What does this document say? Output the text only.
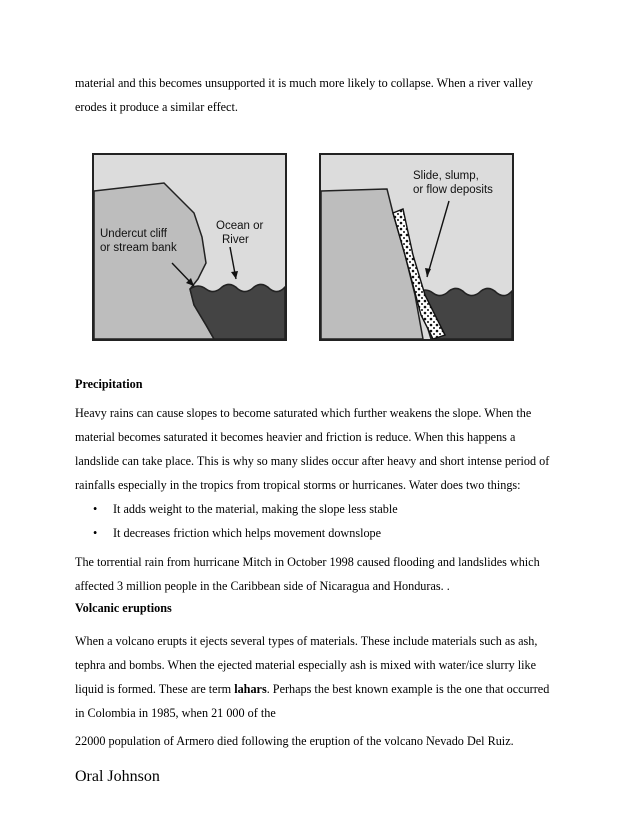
material and this becomes unsupported it is much more likely to collapse. When a river valley

erodes it produce a similar effect.

Undercut cliff
or stream bank
Ocean or
River
Slide, slump,
or flow deposits

Precipitation

Heavy rains can cause slopes to become saturated which further weakens the slope. When the

material becomes saturated it becomes heavier and friction is reduce. When this happens a

landslide can take place. This is why so many slides occur after heavy and short intense period of

rainfalls especially in the tropics from tropical storms or hurricanes. Water does two things:

• It adds weight to the material, making the slope less stable
• It decreases friction which helps movement downslope

The torrential rain from hurricane Mitch in October 1998 caused flooding and landslides which

affected 3 million people in the Caribbean side of Nicaragua and Honduras. .

Volcanic eruptions

When a volcano erupts it ejects several types of materials. These include materials such as ash,

tephra and bombs. When the ejected material especially ash is mixed with water/ice slurry like

liquid is formed. These are term lahars. Perhaps the best known example is the one that occurred

in Colombia in 1985, when 21 000 of the

22000 population of Armero died following the eruption of the volcano Nevado Del Ruiz.

Oral Johnson
